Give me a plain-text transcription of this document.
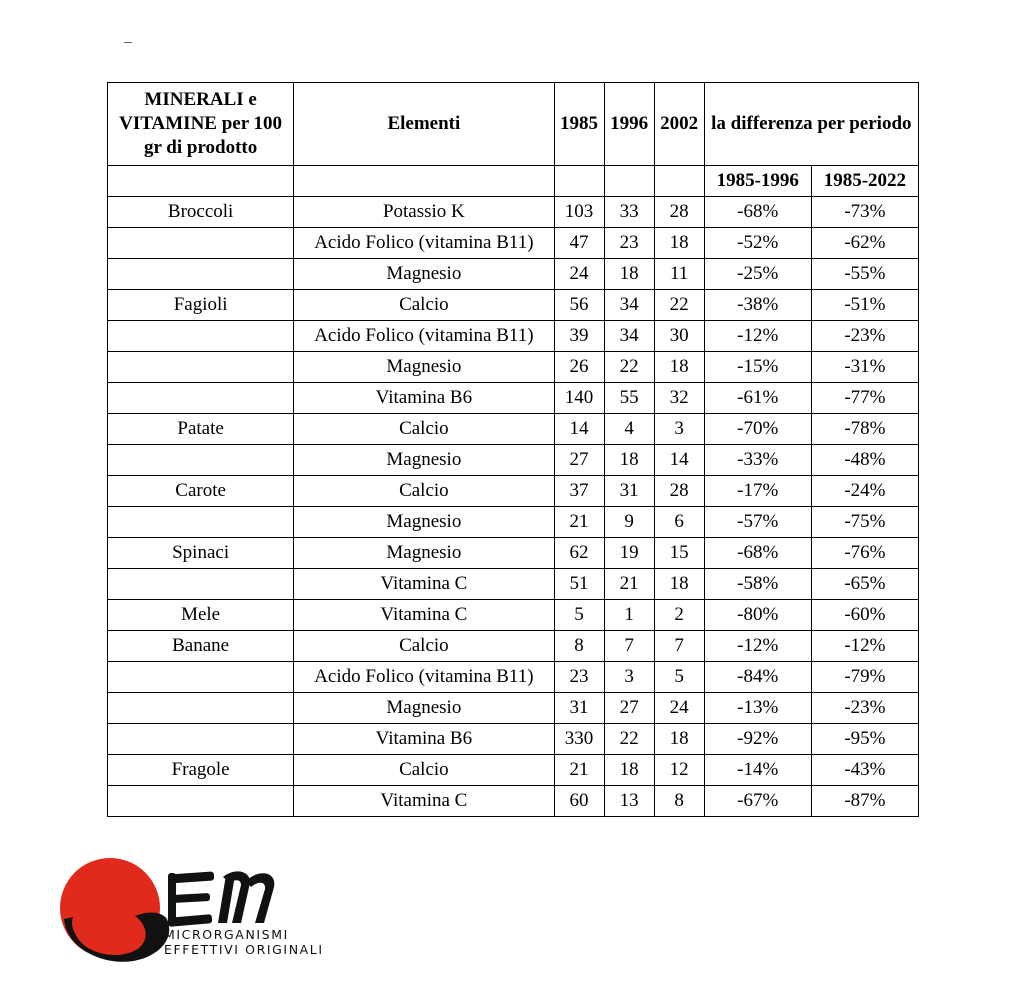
MINERALI e VITAMINE per 100 gr di prodotto	Elementi	1985	1996	2002	la differenza per periodo	
					1985-1996	1985-2022
Broccoli	Potassio K	103	33	28	-68%	-73%
	Acido Folico (vitamina B11)	47	23	18	-52%	-62%
	Magnesio	24	18	11	-25%	-55%
Fagioli	Calcio	56	34	22	-38%	-51%
	Acido Folico (vitamina B11)	39	34	30	-12%	-23%
	Magnesio	26	22	18	-15%	-31%
	Vitamina B6	140	55	32	-61%	-77%
Patate	Calcio	14	4	3	-70%	-78%
	Magnesio	27	18	14	-33%	-48%
Carote	Calcio	37	31	28	-17%	-24%
	Magnesio	21	9	6	-57%	-75%
Spinaci	Magnesio	62	19	15	-68%	-76%
	Vitamina C	51	21	18	-58%	-65%
Mele	Vitamina C	5	1	2	-80%	-60%
Banane	Calcio	8	7	7	-12%	-12%
	Acido Folico (vitamina B11)	23	3	5	-84%	-79%
	Magnesio	31	27	24	-13%	-23%
	Vitamina B6	330	22	18	-92%	-95%
Fragole	Calcio	21	18	12	-14%	-43%
	Vitamina C	60	13	8	-67%	-87%
MICRORGANISMI
EFFETTIVI ORIGINALI
